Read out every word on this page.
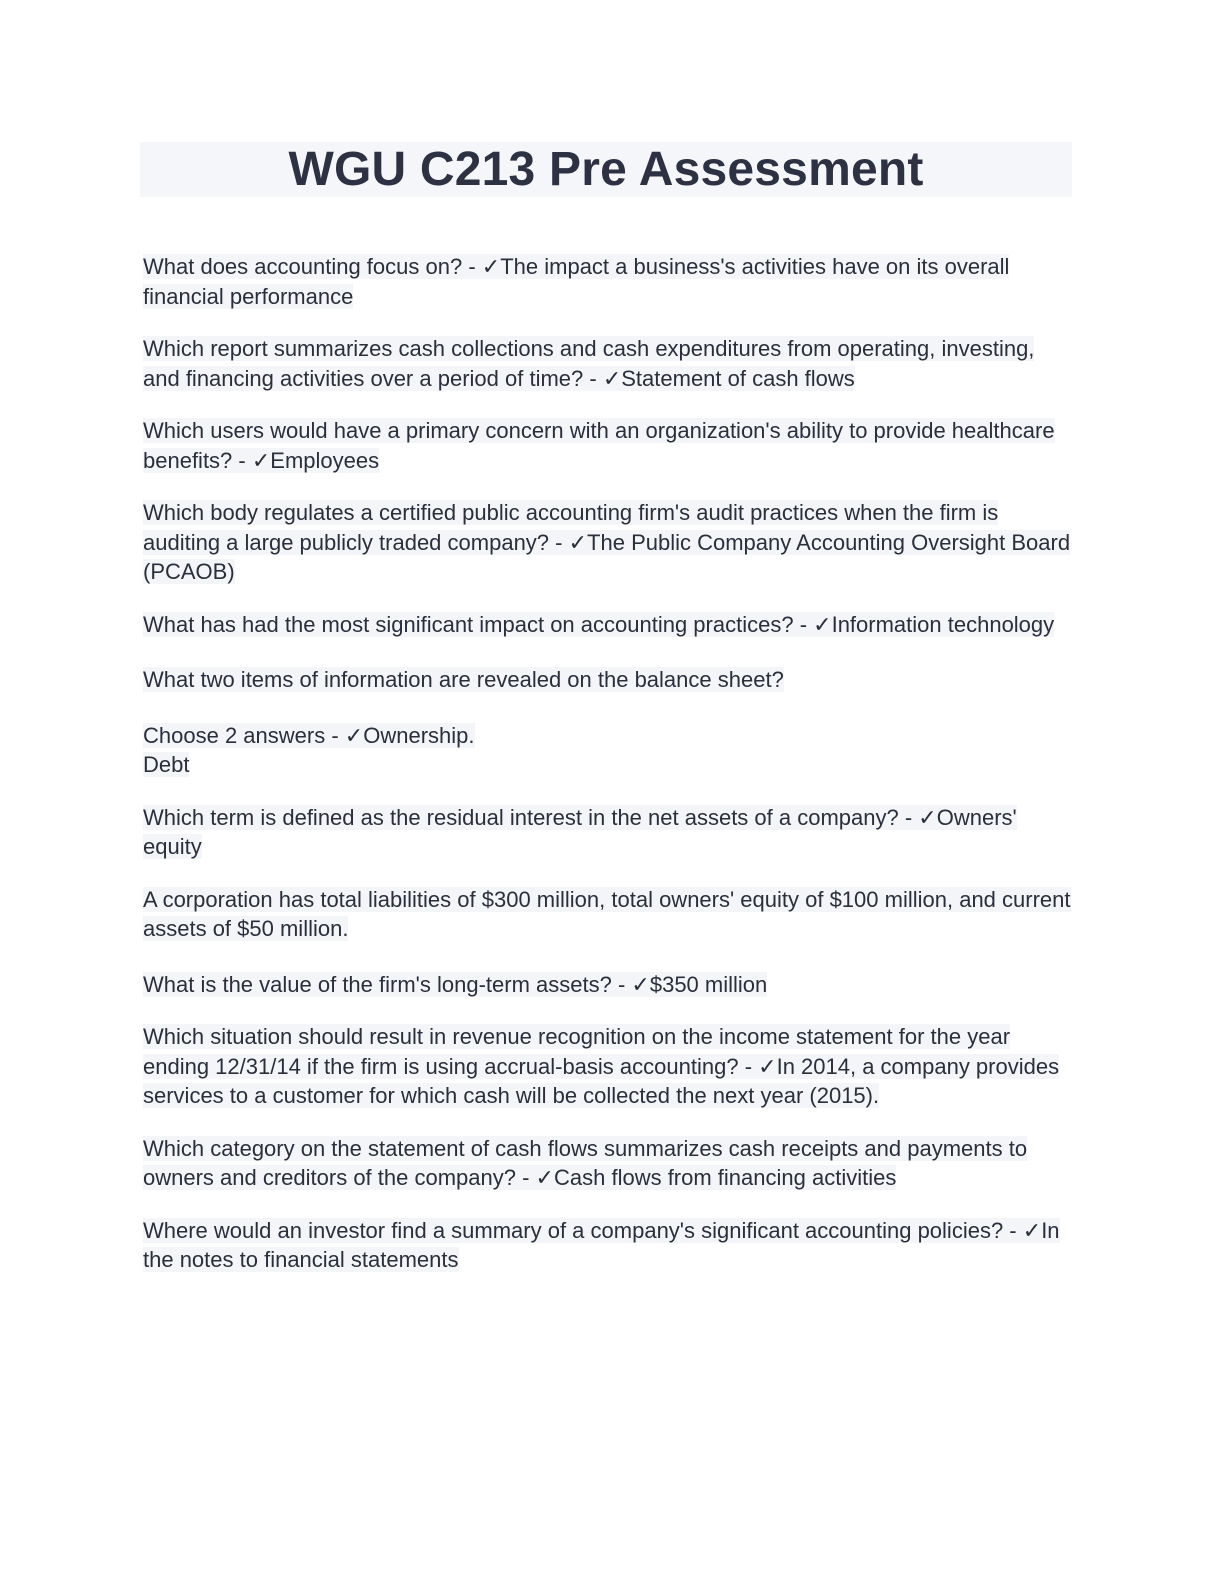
WGU C213 Pre Assessment

What does accounting focus on? - ✓The impact a business's activities have on its overall financial performance

Which report summarizes cash collections and cash expenditures from operating, investing, and financing activities over a period of time? - ✓Statement of cash flows

Which users would have a primary concern with an organization's ability to provide healthcare benefits? - ✓Employees

Which body regulates a certified public accounting firm's audit practices when the firm is auditing a large publicly traded company? - ✓The Public Company Accounting Oversight Board (PCAOB)

What has had the most significant impact on accounting practices? - ✓Information technology

What two items of information are revealed on the balance sheet?

Choose 2 answers - ✓Ownership.
Debt

Which term is defined as the residual interest in the net assets of a company? - ✓Owners' equity

A corporation has total liabilities of $300 million, total owners' equity of $100 million, and current assets of $50 million.

What is the value of the firm's long-term assets? - ✓$350 million

Which situation should result in revenue recognition on the income statement for the year ending 12/31/14 if the firm is using accrual-basis accounting? - ✓In 2014, a company provides services to a customer for which cash will be collected the next year (2015).

Which category on the statement of cash flows summarizes cash receipts and payments to owners and creditors of the company? - ✓Cash flows from financing activities

Where would an investor find a summary of a company's significant accounting policies? - ✓In the notes to financial statements
